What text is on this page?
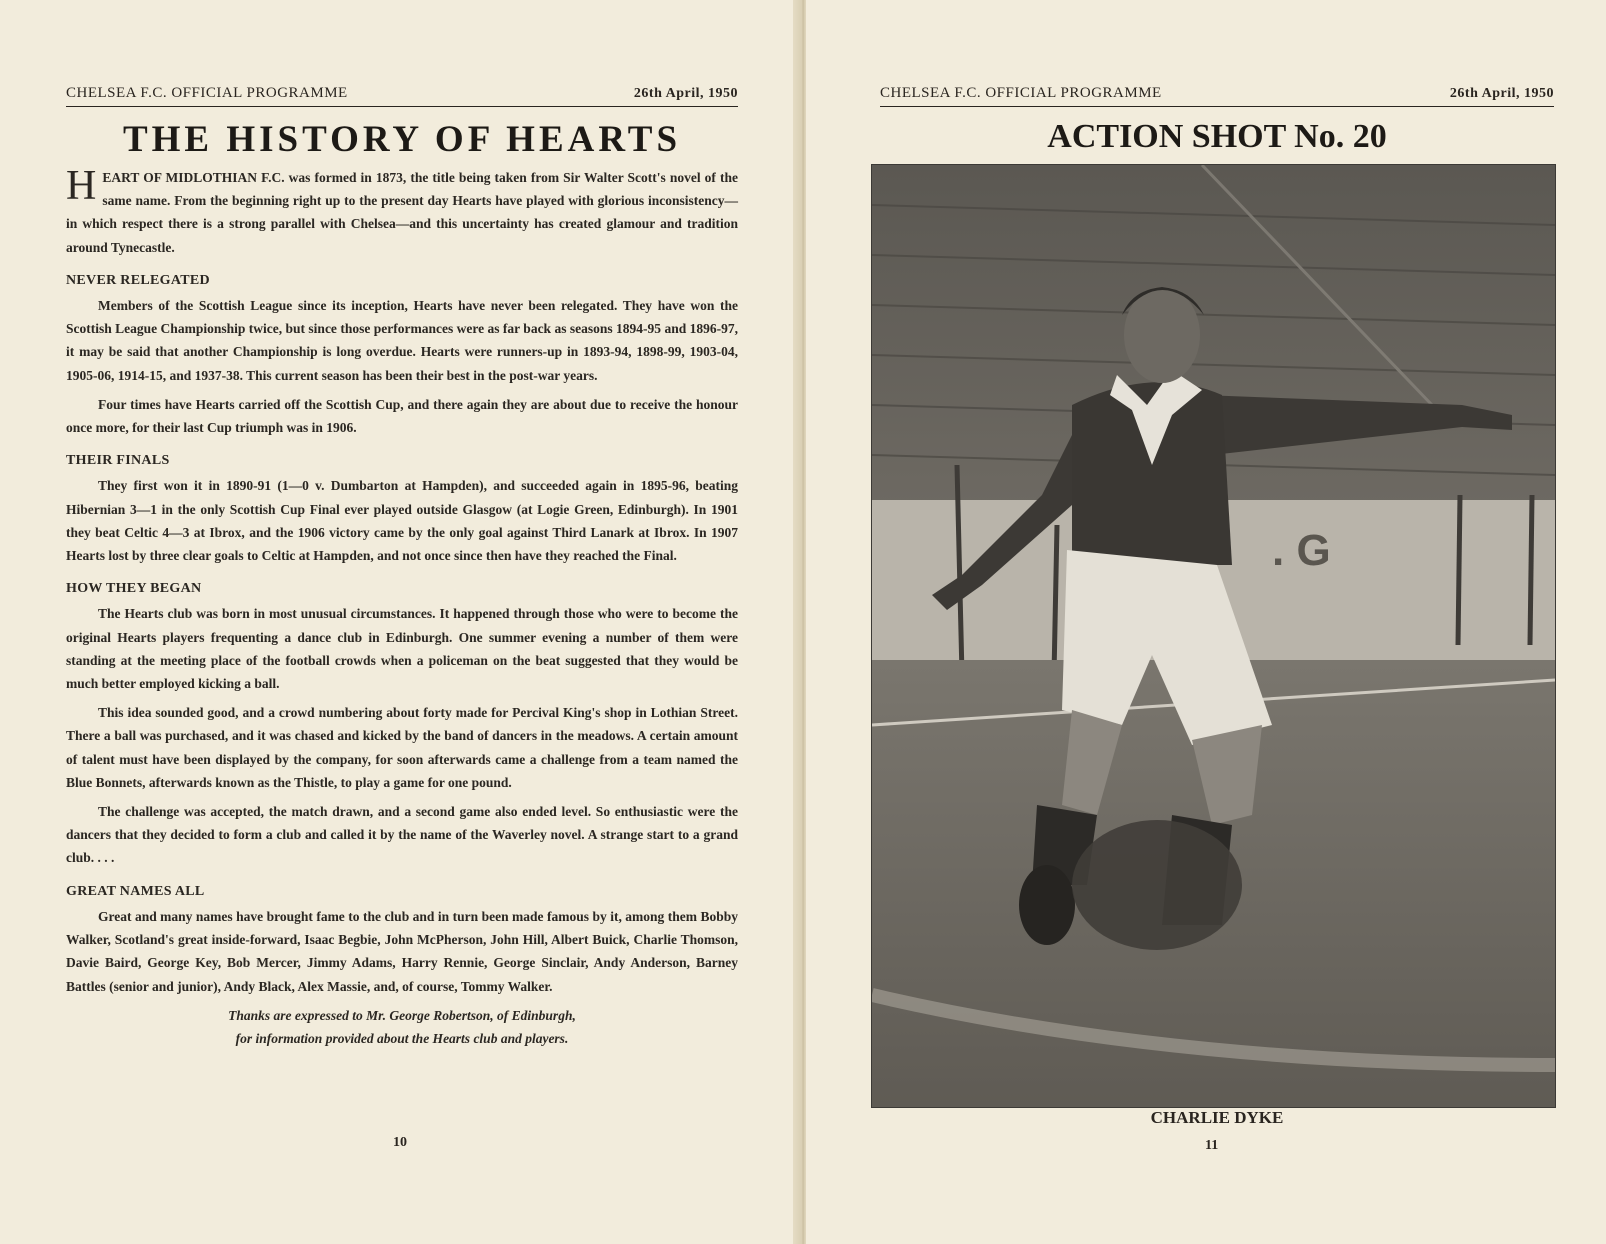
CHELSEA F.C. OFFICIAL PROGRAMME	26th April, 1950
THE HISTORY OF HEARTS

HEART OF MIDLOTHIAN F.C. was formed in 1873, the title being taken from Sir Walter Scott's novel of the same name. From the beginning right up to the present day Hearts have played with glorious inconsistency—in which respect there is a strong parallel with Chelsea—and this uncertainty has created glamour and tradition around Tynecastle.

NEVER RELEGATED

Members of the Scottish League since its inception, Hearts have never been relegated. They have won the Scottish League Championship twice, but since those performances were as far back as seasons 1894-95 and 1896-97, it may be said that another Championship is long overdue. Hearts were runners-up in 1893-94, 1898-99, 1903-04, 1905-06, 1914-15, and 1937-38. This current season has been their best in the post-war years.

Four times have Hearts carried off the Scottish Cup, and there again they are about due to receive the honour once more, for their last Cup triumph was in 1906.

THEIR FINALS

They first won it in 1890-91 (1—0 v. Dumbarton at Hampden), and succeeded again in 1895-96, beating Hibernian 3—1 in the only Scottish Cup Final ever played outside Glasgow (at Logie Green, Edinburgh). In 1901 they beat Celtic 4—3 at Ibrox, and the 1906 victory came by the only goal against Third Lanark at Ibrox. In 1907 Hearts lost by three clear goals to Celtic at Hampden, and not once since then have they reached the Final.

HOW THEY BEGAN

The Hearts club was born in most unusual circumstances. It happened through those who were to become the original Hearts players frequenting a dance club in Edinburgh. One summer evening a number of them were standing at the meeting place of the football crowds when a policeman on the beat suggested that they would be much better employed kicking a ball.

This idea sounded good, and a crowd numbering about forty made for Percival King's shop in Lothian Street. There a ball was purchased, and it was chased and kicked by the band of dancers in the meadows. A certain amount of talent must have been displayed by the company, for soon afterwards came a challenge from a team named the Blue Bonnets, afterwards known as the Thistle, to play a game for one pound.

The challenge was accepted, the match drawn, and a second game also ended level. So enthusiastic were the dancers that they decided to form a club and called it by the name of the Waverley novel. A strange start to a grand club. . . .

GREAT NAMES ALL

Great and many names have brought fame to the club and in turn been made famous by it, among them Bobby Walker, Scotland's great inside-forward, Isaac Begbie, John McPherson, John Hill, Albert Buick, Charlie Thomson, Davie Baird, George Key, Bob Mercer, Jimmy Adams, Harry Rennie, George Sinclair, Andy Anderson, Barney Battles (senior and junior), Andy Black, Alex Massie, and, of course, Tommy Walker.

Thanks are expressed to Mr. George Robertson, of Edinburgh,
for information provided about the Hearts club and players.
10
CHELSEA F.C. OFFICIAL PROGRAMME	26th April, 1950
ACTION SHOT No. 20
. G
CHARLIE DYKE
11
